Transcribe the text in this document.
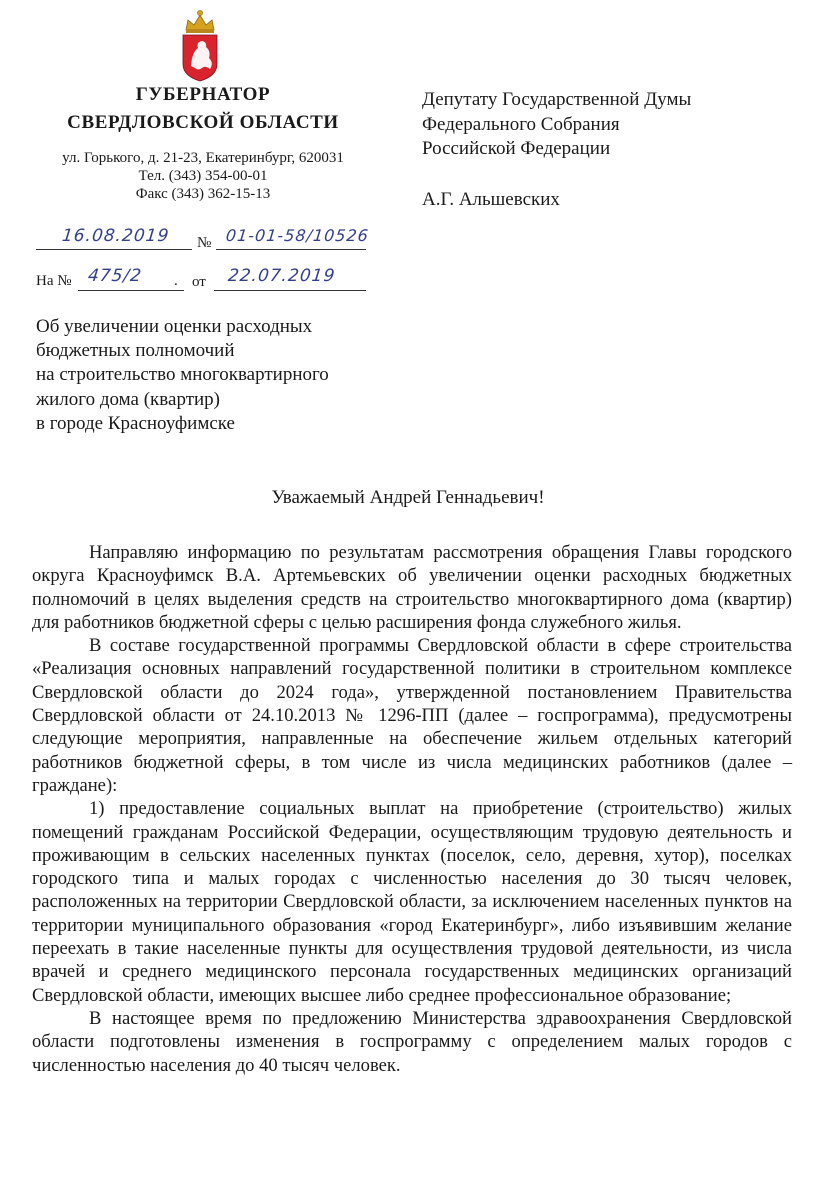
ГУБЕРНАТОР
СВЕРДЛОВСКОЙ ОБЛАСТИ
ул. Горького, д. 21-23, Екатеринбург, 620031
Тел. (343) 354-00-01
Факс (343) 362-15-13
16.08.2019 № 01-01-58/10526
На № 475/2 . от 22.07.2019
Депутату Государственной Думы
Федерального Собрания
Российской Федерации
А.Г. Альшевских
Об увеличении оценки расходных
бюджетных полномочий
на строительство многоквартирного
жилого дома (квартир)
в городе Красноуфимске
Уважаемый Андрей Геннадьевич!

Направляю информацию по результатам рассмотрения обращения Главы городского округа Красноуфимск В.А. Артемьевских об увеличении оценки расходных бюджетных полномочий в целях выделения средств на строительство многоквартирного дома (квартир) для работников бюджетной сферы с целью расширения фонда служебного жилья.

В составе государственной программы Свердловской области в сфере строительства «Реализация основных направлений государственной политики в строительном комплексе Свердловской области до 2024 года», утвержденной постановлением Правительства Свердловской области от 24.10.2013 № 1296-ПП (далее – госпрограмма), предусмотрены следующие мероприятия, направленные на обеспечение жильем отдельных категорий работников бюджетной сферы, в том числе из числа медицинских работников (далее – граждане):

1) предоставление социальных выплат на приобретение (строительство) жилых помещений гражданам Российской Федерации, осуществляющим трудовую деятельность и проживающим в сельских населенных пунктах (поселок, село, деревня, хутор), поселках городского типа и малых городах с численностью населения до 30 тысяч человек, расположенных на территории Свердловской области, за исключением населенных пунктов на территории муниципального образования «город Екатеринбург», либо изъявившим желание переехать в такие населенные пункты для осуществления трудовой деятельности, из числа врачей и среднего медицинского персонала государственных медицинских организаций Свердловской области, имеющих высшее либо среднее профессиональное образование;

В настоящее время по предложению Министерства здравоохранения Свердловской области подготовлены изменения в госпрограмму с определением малых городов с численностью населения до 40 тысяч человек.
